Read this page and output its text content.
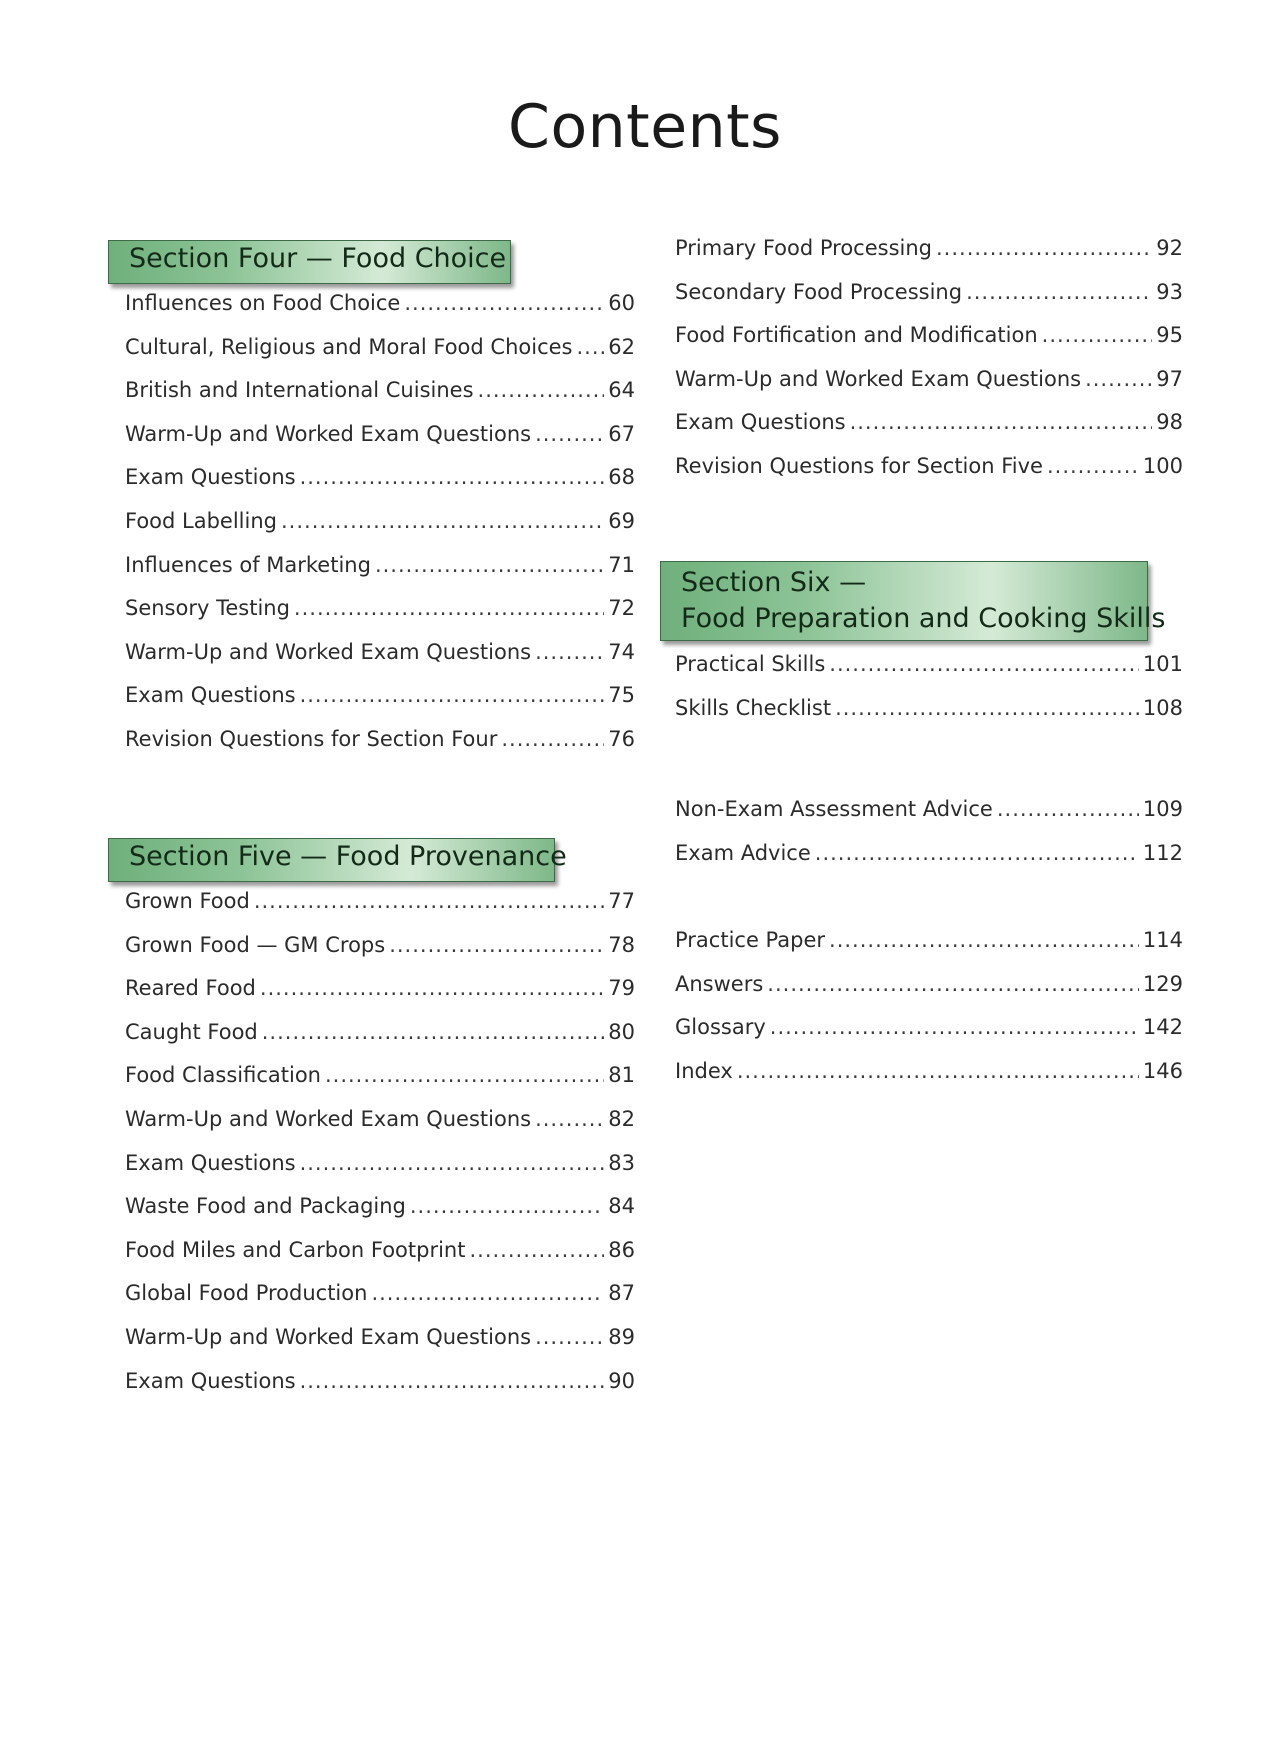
Contents
Section Four — Food Choice
Influences on Food Choice .....	60
Cultural, Religious and Moral Food Choices ..... 62
British and International Cuisines .....	64
Warm-Up and Worked Exam Questions .....	67
Exam Questions .....	68
Food Labelling .....	69
Influences of Marketing .....	71
Sensory Testing .....	72
Warm-Up and Worked Exam Questions .....	74
Exam Questions .....	75
Revision Questions for Section Four .....	76
Section Five — Food Provenance
Grown Food .....	77
Grown Food — GM Crops .....	78
Reared Food .....	79
Caught Food .....	80
Food Classification .....	81
Warm-Up and Worked Exam Questions .....	82
Exam Questions .....	83
Waste Food and Packaging .....	84
Food Miles and Carbon Footprint .....	86
Global Food Production .....	87
Warm-Up and Worked Exam Questions .....	89
Exam Questions .....	90
Primary Food Processing .....	92
Secondary Food Processing .....	93
Food Fortification and Modification .....	95
Warm-Up and Worked Exam Questions .....	97
Exam Questions .....	98
Revision Questions for Section Five .....	100
Section Six —
Food Preparation and Cooking Skills
Practical Skills .....	101
Skills Checklist .....	108
Non-Exam Assessment Advice .....	109
Exam Advice .....	112
Practice Paper .....	114
Answers .....	129
Glossary .....	142
Index .....	146
